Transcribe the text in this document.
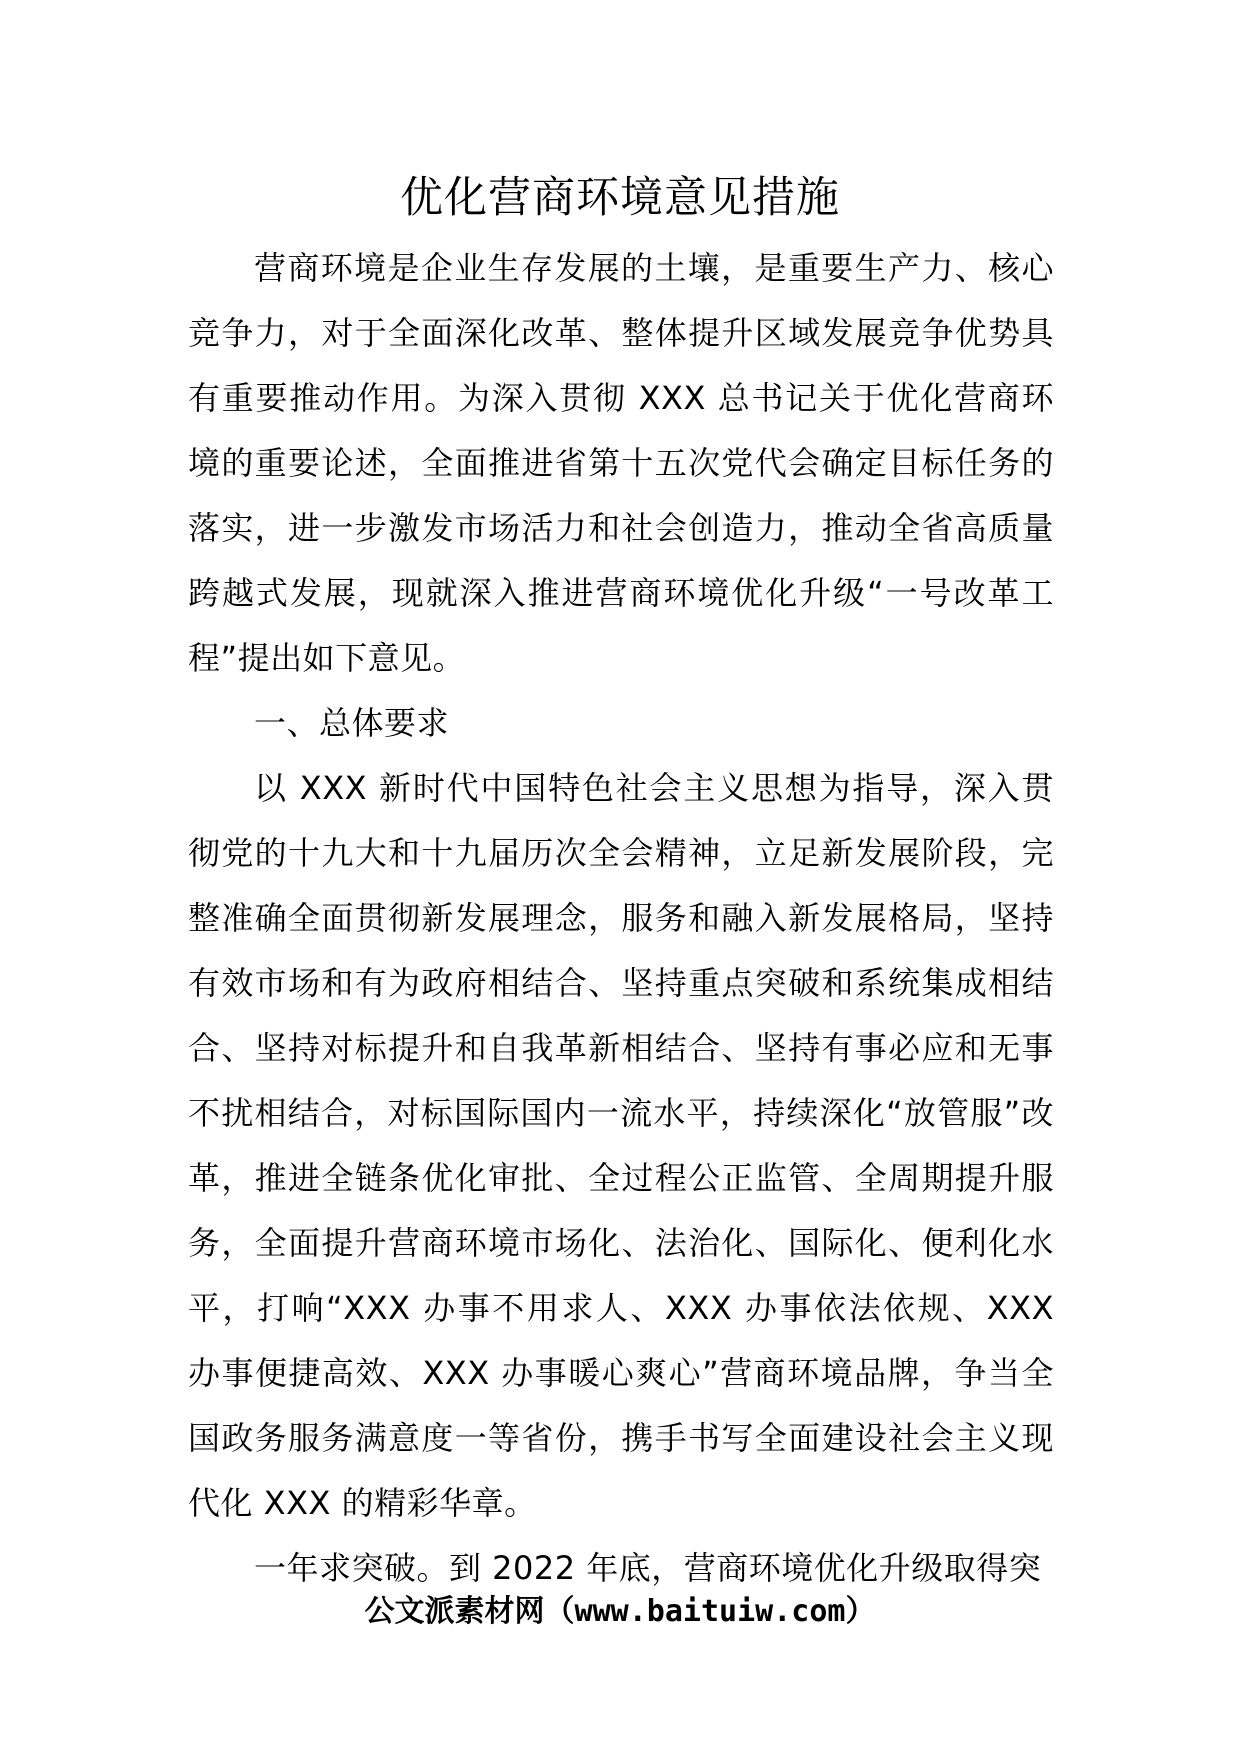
优化营商环境意见措施

营商环境是企业生存发展的土壤，是重要生产力、核心竞争力，对于全面深化改革、整体提升区域发展竞争优势具有重要推动作用。为深入贯彻 XXX 总书记关于优化营商环境的重要论述，全面推进省第十五次党代会确定目标任务的落实，进一步激发市场活力和社会创造力，推动全省高质量跨越式发展，现就深入推进营商环境优化升级“一号改革工程”提出如下意见。

一、总体要求

以 XXX 新时代中国特色社会主义思想为指导，深入贯彻党的十九大和十九届历次全会精神，立足新发展阶段，完整准确全面贯彻新发展理念，服务和融入新发展格局，坚持有效市场和有为政府相结合、坚持重点突破和系统集成相结合、坚持对标提升和自我革新相结合、坚持有事必应和无事不扰相结合，对标国际国内一流水平，持续深化“放管服”改革，推进全链条优化审批、全过程公正监管、全周期提升服务，全面提升营商环境市场化、法治化、国际化、便利化水平，打响“XXX 办事不用求人、XXX 办事依法依规、XXX 办事便捷高效、XXX 办事暖心爽心”营商环境品牌，争当全国政务服务满意度一等省份，携手书写全面建设社会主义现代化 XXX 的精彩华章。

一年求突破。到 2022 年底，营商环境优化升级取得突

公文派素材网（www.baituiw.com）
